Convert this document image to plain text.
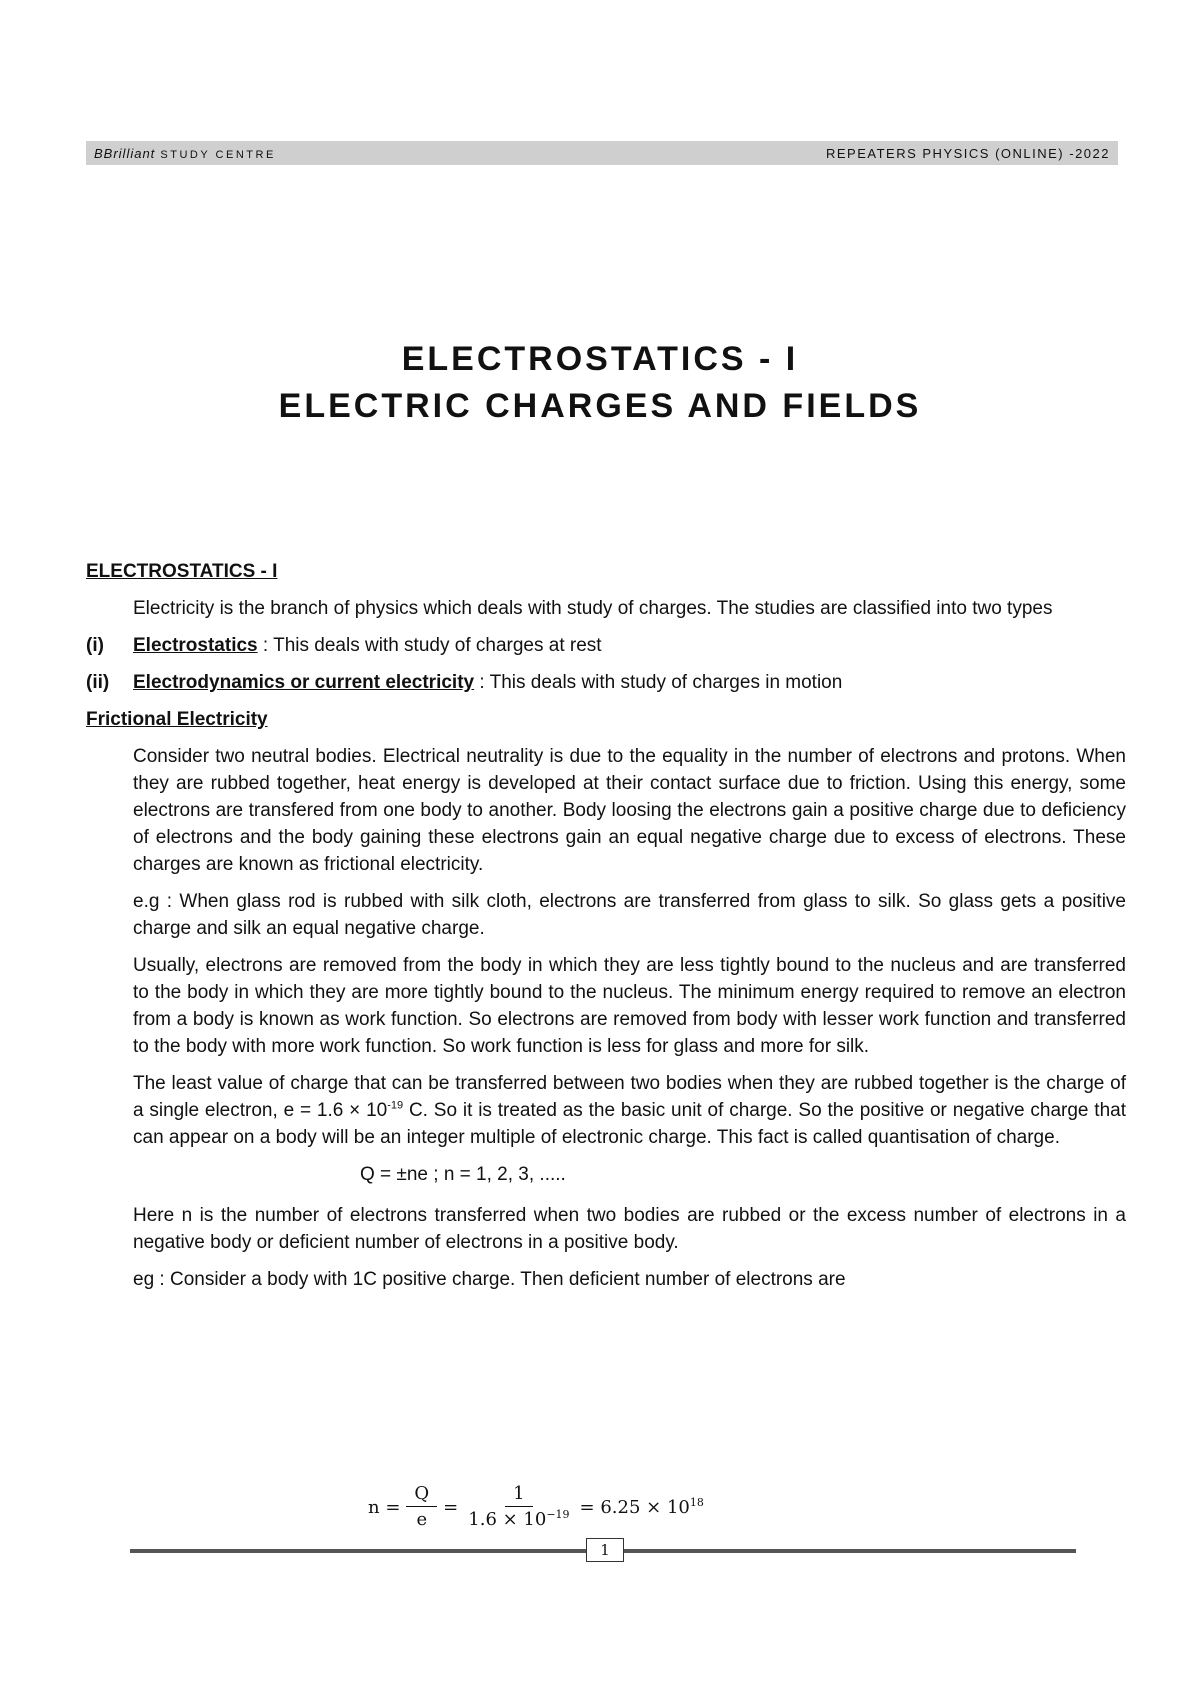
BBrilliant STUDY CENTRE	REPEATERS PHYSICS (ONLINE) -2022
ELECTROSTATICS - I
ELECTRIC CHARGES AND FIELDS
ELECTROSTATICS - I

Electricity is the branch of physics which deals with study of charges. The studies are classified into two types

(i)	Electrostatics : This deals with study of charges at rest
(ii)	Electrodynamics or current electricity : This deals with study of charges in motion
Frictional Electricity

Consider two neutral bodies. Electrical neutrality is due to the equality in the number of electrons and protons. When they are rubbed together, heat energy is developed at their contact surface due to friction. Using this energy, some electrons are transfered from one body to another. Body loosing the electrons gain a positive charge due to deficiency of electrons and the body gaining these electrons gain an equal negative charge due to excess of electrons. These charges are known as frictional electricity.

e.g : When glass rod is rubbed with silk cloth, electrons are transferred from glass to silk. So glass gets a positive charge and silk an equal negative charge.

Usually, electrons are removed from the body in which they are less tightly bound to the nucleus and are transferred to the body in which they are more tightly bound to the nucleus. The minimum energy required to remove an electron from a body is known as work function. So electrons are removed from body with lesser work function and transferred to the body with more work function. So work function is less for glass and more for silk.

The least value of charge that can be transferred between two bodies when they are rubbed together is the charge of a single electron, $e = 1.6 \times 10^{-19}$ C. So it is treated as the basic unit of charge. So the positive or negative charge that can appear on a body will be an integer multiple of electronic charge. This fact is called quantisation of charge.

Q = ±ne ; n = 1, 2, 3, .....

Here n is the number of electrons transferred when two bodies are rubbed or the excess number of electrons in a negative body or deficient number of electrons in a positive body.

eg : Consider a body with 1C positive charge. Then deficient number of electrons are

$n = \frac{Q}{e} = \frac{1}{1.6 \times 10^{-19}} = 6.25 \times 10^{18}$
1
